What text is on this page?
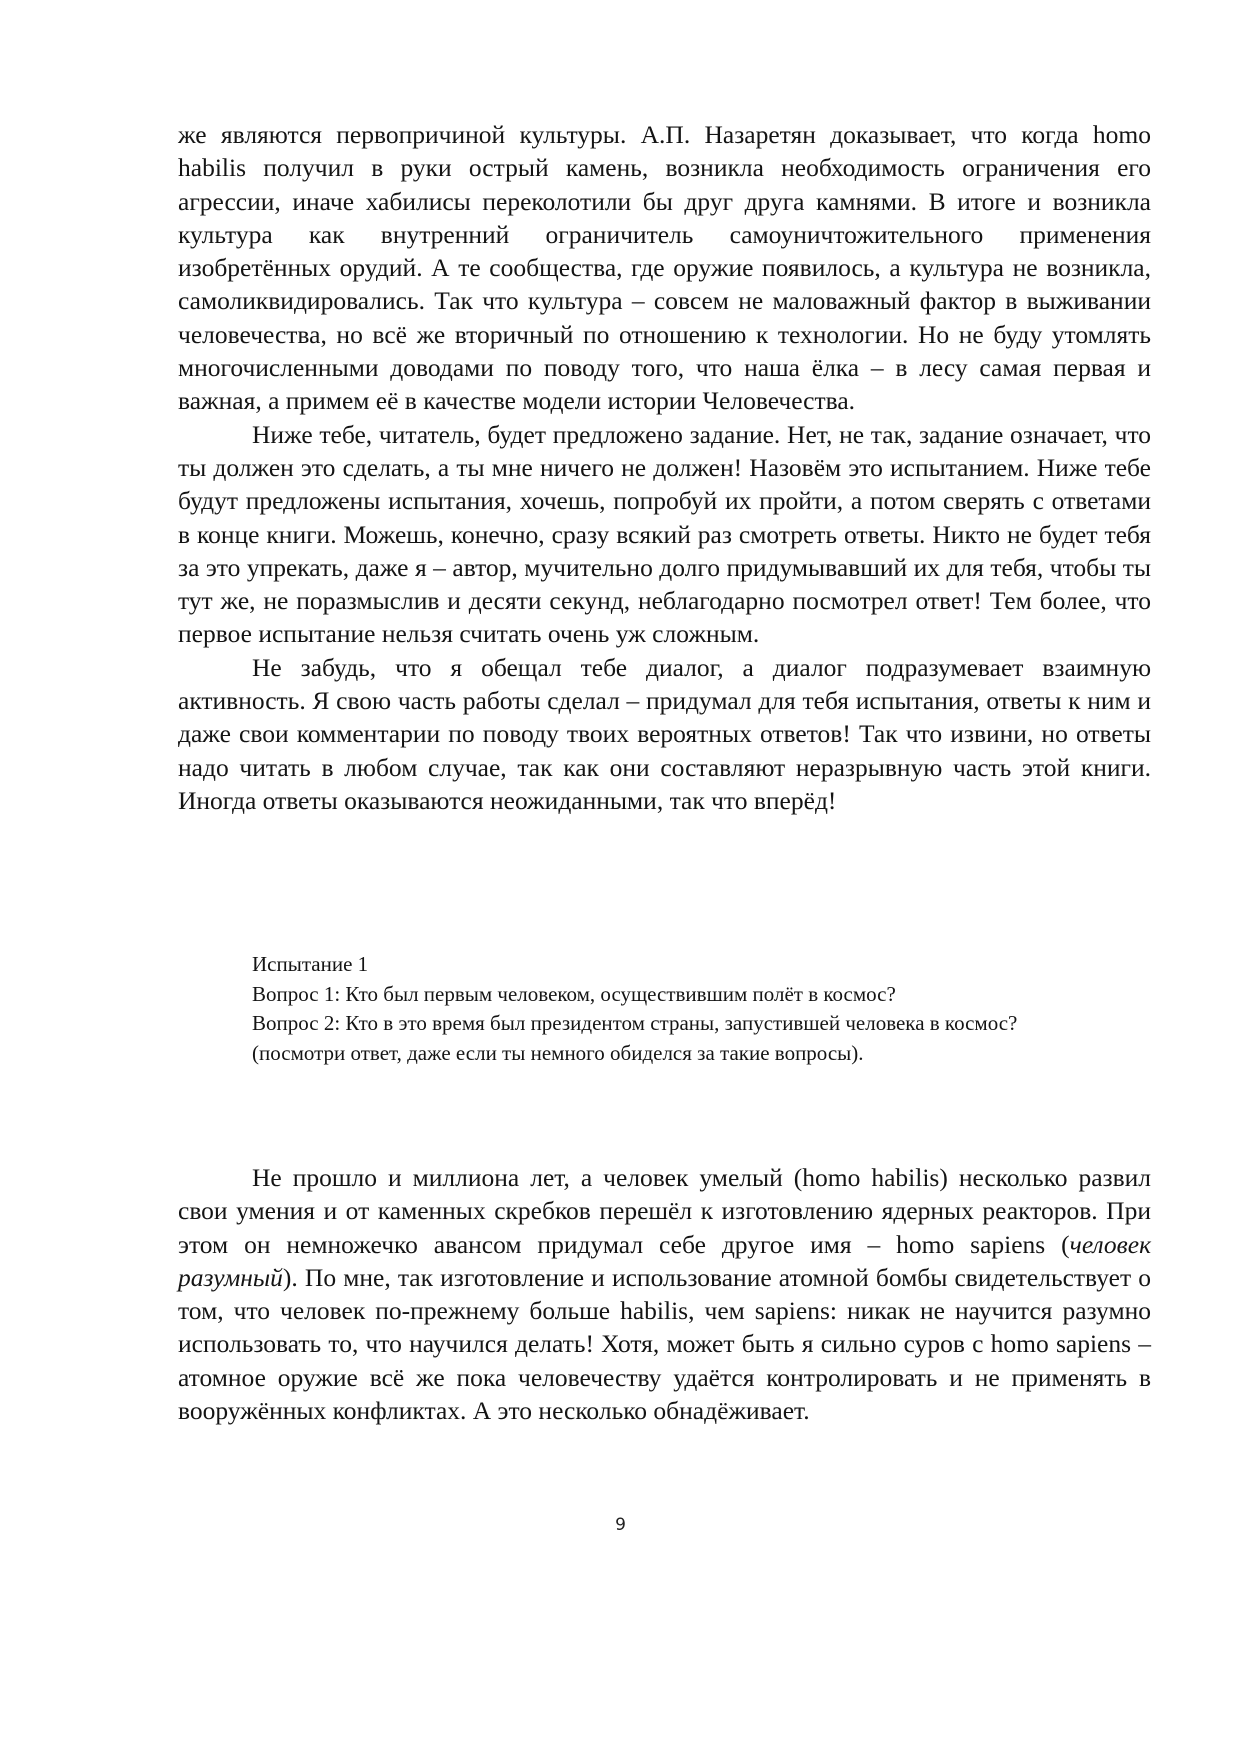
же являются первопричиной культуры. А.П. Назаретян доказывает, что когда homo habilis получил в руки острый камень, возникла необходимость ограничения его агрессии, иначе хабилисы переколотили бы друг друга камнями. В итоге и возникла культура как внутренний ограничитель самоуничтожительного применения изобретённых орудий. А те сообщества, где оружие появилось, а культура не возникла, самоликвидировались. Так что культура – совсем не маловажный фактор в выживании человечества, но всё же вторичный по отношению к технологии. Но не буду утомлять многочисленными доводами по поводу того, что наша ёлка – в лесу самая первая и важная, а примем её в качестве модели истории Человечества.

Ниже тебе, читатель, будет предложено задание. Нет, не так, задание означает, что ты должен это сделать, а ты мне ничего не должен! Назовём это испытанием. Ниже тебе будут предложены испытания, хочешь, попробуй их пройти, а потом сверять с ответами в конце книги. Можешь, конечно, сразу всякий раз смотреть ответы. Никто не будет тебя за это упрекать, даже я – автор, мучительно долго придумывавший их для тебя, чтобы ты тут же, не поразмыслив и десяти секунд, неблагодарно посмотрел ответ! Тем более, что первое испытание нельзя считать очень уж сложным.

Не забудь, что я обещал тебе диалог, а диалог подразумевает взаимную активность. Я свою часть работы сделал – придумал для тебя испытания, ответы к ним и даже свои комментарии по поводу твоих вероятных ответов! Так что извини, но ответы надо читать в любом случае, так как они составляют неразрывную часть этой книги. Иногда ответы оказываются неожиданными, так что вперёд!

Испытание 1

Вопрос 1: Кто был первым человеком, осуществившим полёт в космос?

Вопрос 2: Кто в это время был президентом страны, запустившей человека в космос?

(посмотри ответ, даже если ты немного обиделся за такие вопросы).

Не прошло и миллиона лет, а человек умелый (homo habilis) несколько развил свои умения и от каменных скребков перешёл к изготовлению ядерных реакторов. При этом он немножечко авансом придумал себе другое имя – homo sapiens (человек разумный). По мне, так изготовление и использование атомной бомбы свидетельствует о том, что человек по-прежнему больше habilis, чем sapiens: никак не научится разумно использовать то, что научился делать! Хотя, может быть я сильно суров с homo sapiens – атомное оружие всё же пока человечеству удаётся контролировать и не применять в вооружённых конфликтах. А это несколько обнадёживает.

9
